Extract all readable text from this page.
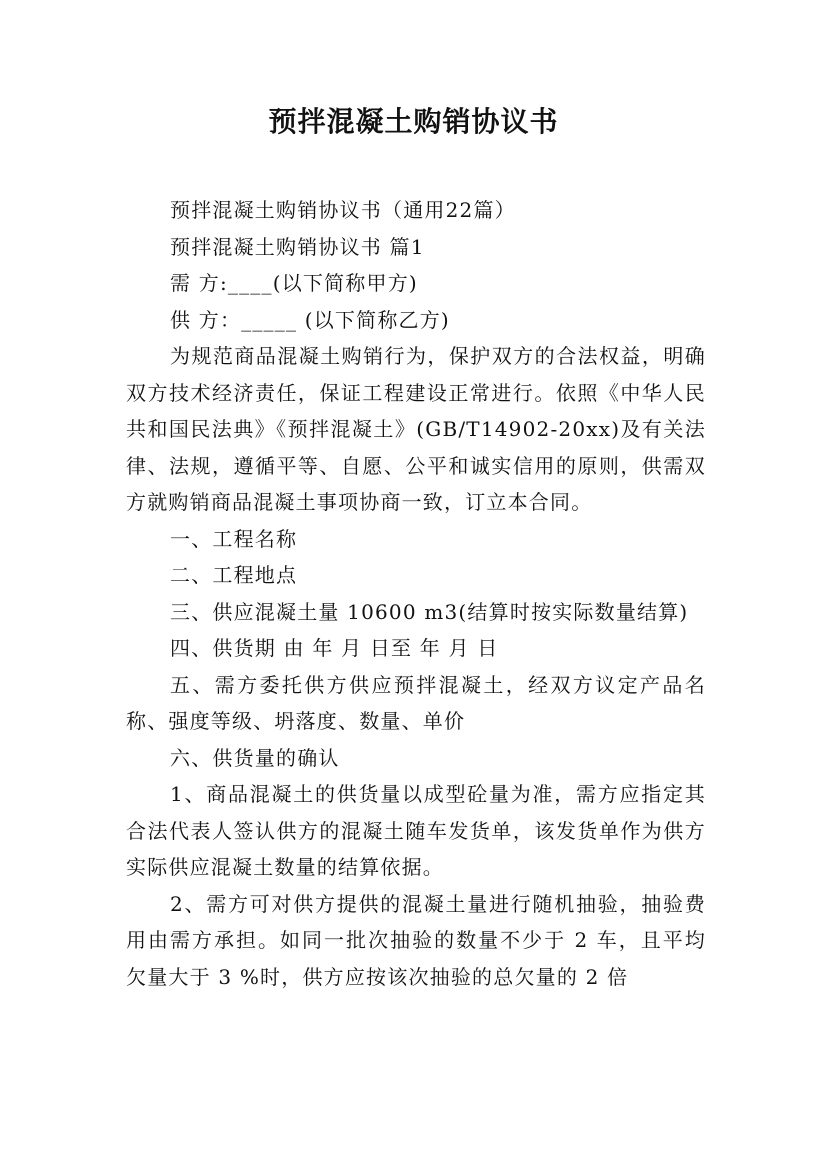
预拌混凝土购销协议书

预拌混凝土购销协议书（通用22篇）

预拌混凝土购销协议书 篇1

需 方:____(以下简称甲方)

供 方：_____ (以下简称乙方)

为规范商品混凝土购销行为，保护双方的合法权益，明确双方技术经济责任，保证工程建设正常进行。依照《中华人民共和国民法典》《预拌混凝土》(GB/T14902-20xx)及有关法律、法规，遵循平等、自愿、公平和诚实信用的原则，供需双方就购销商品混凝土事项协商一致，订立本合同。

一、工程名称

二、工程地点

三、供应混凝土量 10600 m3(结算时按实际数量结算)

四、供货期 由 年 月 日至 年 月 日

五、需方委托供方供应预拌混凝土，经双方议定产品名称、强度等级、坍落度、数量、单价

六、供货量的确认

1、商品混凝土的供货量以成型砼量为准，需方应指定其合法代表人签认供方的混凝土随车发货单，该发货单作为供方实际供应混凝土数量的结算依据。

2、需方可对供方提供的混凝土量进行随机抽验，抽验费用由需方承担。如同一批次抽验的数量不少于 2 车，且平均欠量大于 3 %时，供方应按该次抽验的总欠量的 2 倍
